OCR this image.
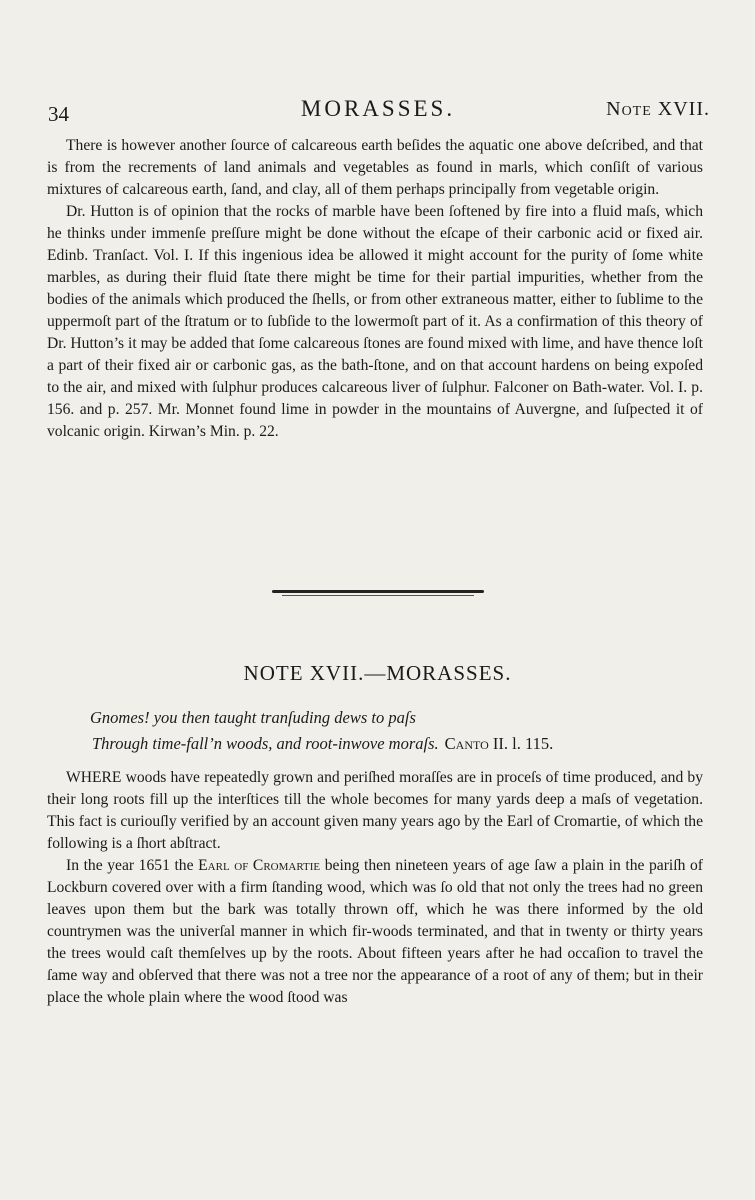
34	MORASSES.	Note XVII.

There is however another ſource of calcareous earth beſides the aquatic one above deſcribed, and that is from the recrements of land animals and vegetables as found in marls, which conſiſt of various mixtures of calcareous earth, ſand, and clay, all of them perhaps principally from vegetable origin.

Dr. Hutton is of opinion that the rocks of marble have been ſoftened by fire into a fluid maſs, which he thinks under immenſe preſſure might be done without the eſcape of their carbonic acid or fixed air. Edinb. Tranſact. Vol. I. If this ingenious idea be allowed it might account for the purity of ſome white marbles, as during their fluid ſtate there might be time for their partial impurities, whether from the bodies of the animals which produced the ſhells, or from other extraneous matter, either to ſublime to the uppermoſt part of the ſtratum or to ſubſide to the lowermoſt part of it. As a confirmation of this theory of Dr. Hutton’s it may be added that ſome calcareous ſtones are found mixed with lime, and have thence loſt a part of their fixed air or carbonic gas, as the bath-ſtone, and on that account hardens on being expoſed to the air, and mixed with ſulphur produces calcareous liver of ſulphur. Falconer on Bath-water. Vol. I. p. 156. and p. 257. Mr. Monnet found lime in powder in the mountains of Auvergne, and ſuſpected it of volcanic origin. Kirwan’s Min. p. 22.

NOTE XVII.—MORASSES.
Gnomes! you then taught tranſuding dews to paſs
Through time-fall’n woods, and root-inwove moraſs. Canto II. l. 115.

WHERE woods have repeatedly grown and periſhed moraſſes are in proceſs of time produced, and by their long roots fill up the interſtices till the whole becomes for many yards deep a maſs of vegetation. This fact is curiouſly verified by an account given many years ago by the Earl of Cromartie, of which the following is a ſhort abſtract.

In the year 1651 the Earl of Cromartie being then nineteen years of age ſaw a plain in the pariſh of Lockburn covered over with a firm ſtanding wood, which was ſo old that not only the trees had no green leaves upon them but the bark was totally thrown off, which he was there informed by the old countrymen was the univerſal manner in which fir-woods terminated, and that in twenty or thirty years the trees would caſt themſelves up by the roots. About fifteen years after he had occaſion to travel the ſame way and obſerved that there was not a tree nor the appearance of a root of any of them; but in their place the whole plain where the wood ſtood was
